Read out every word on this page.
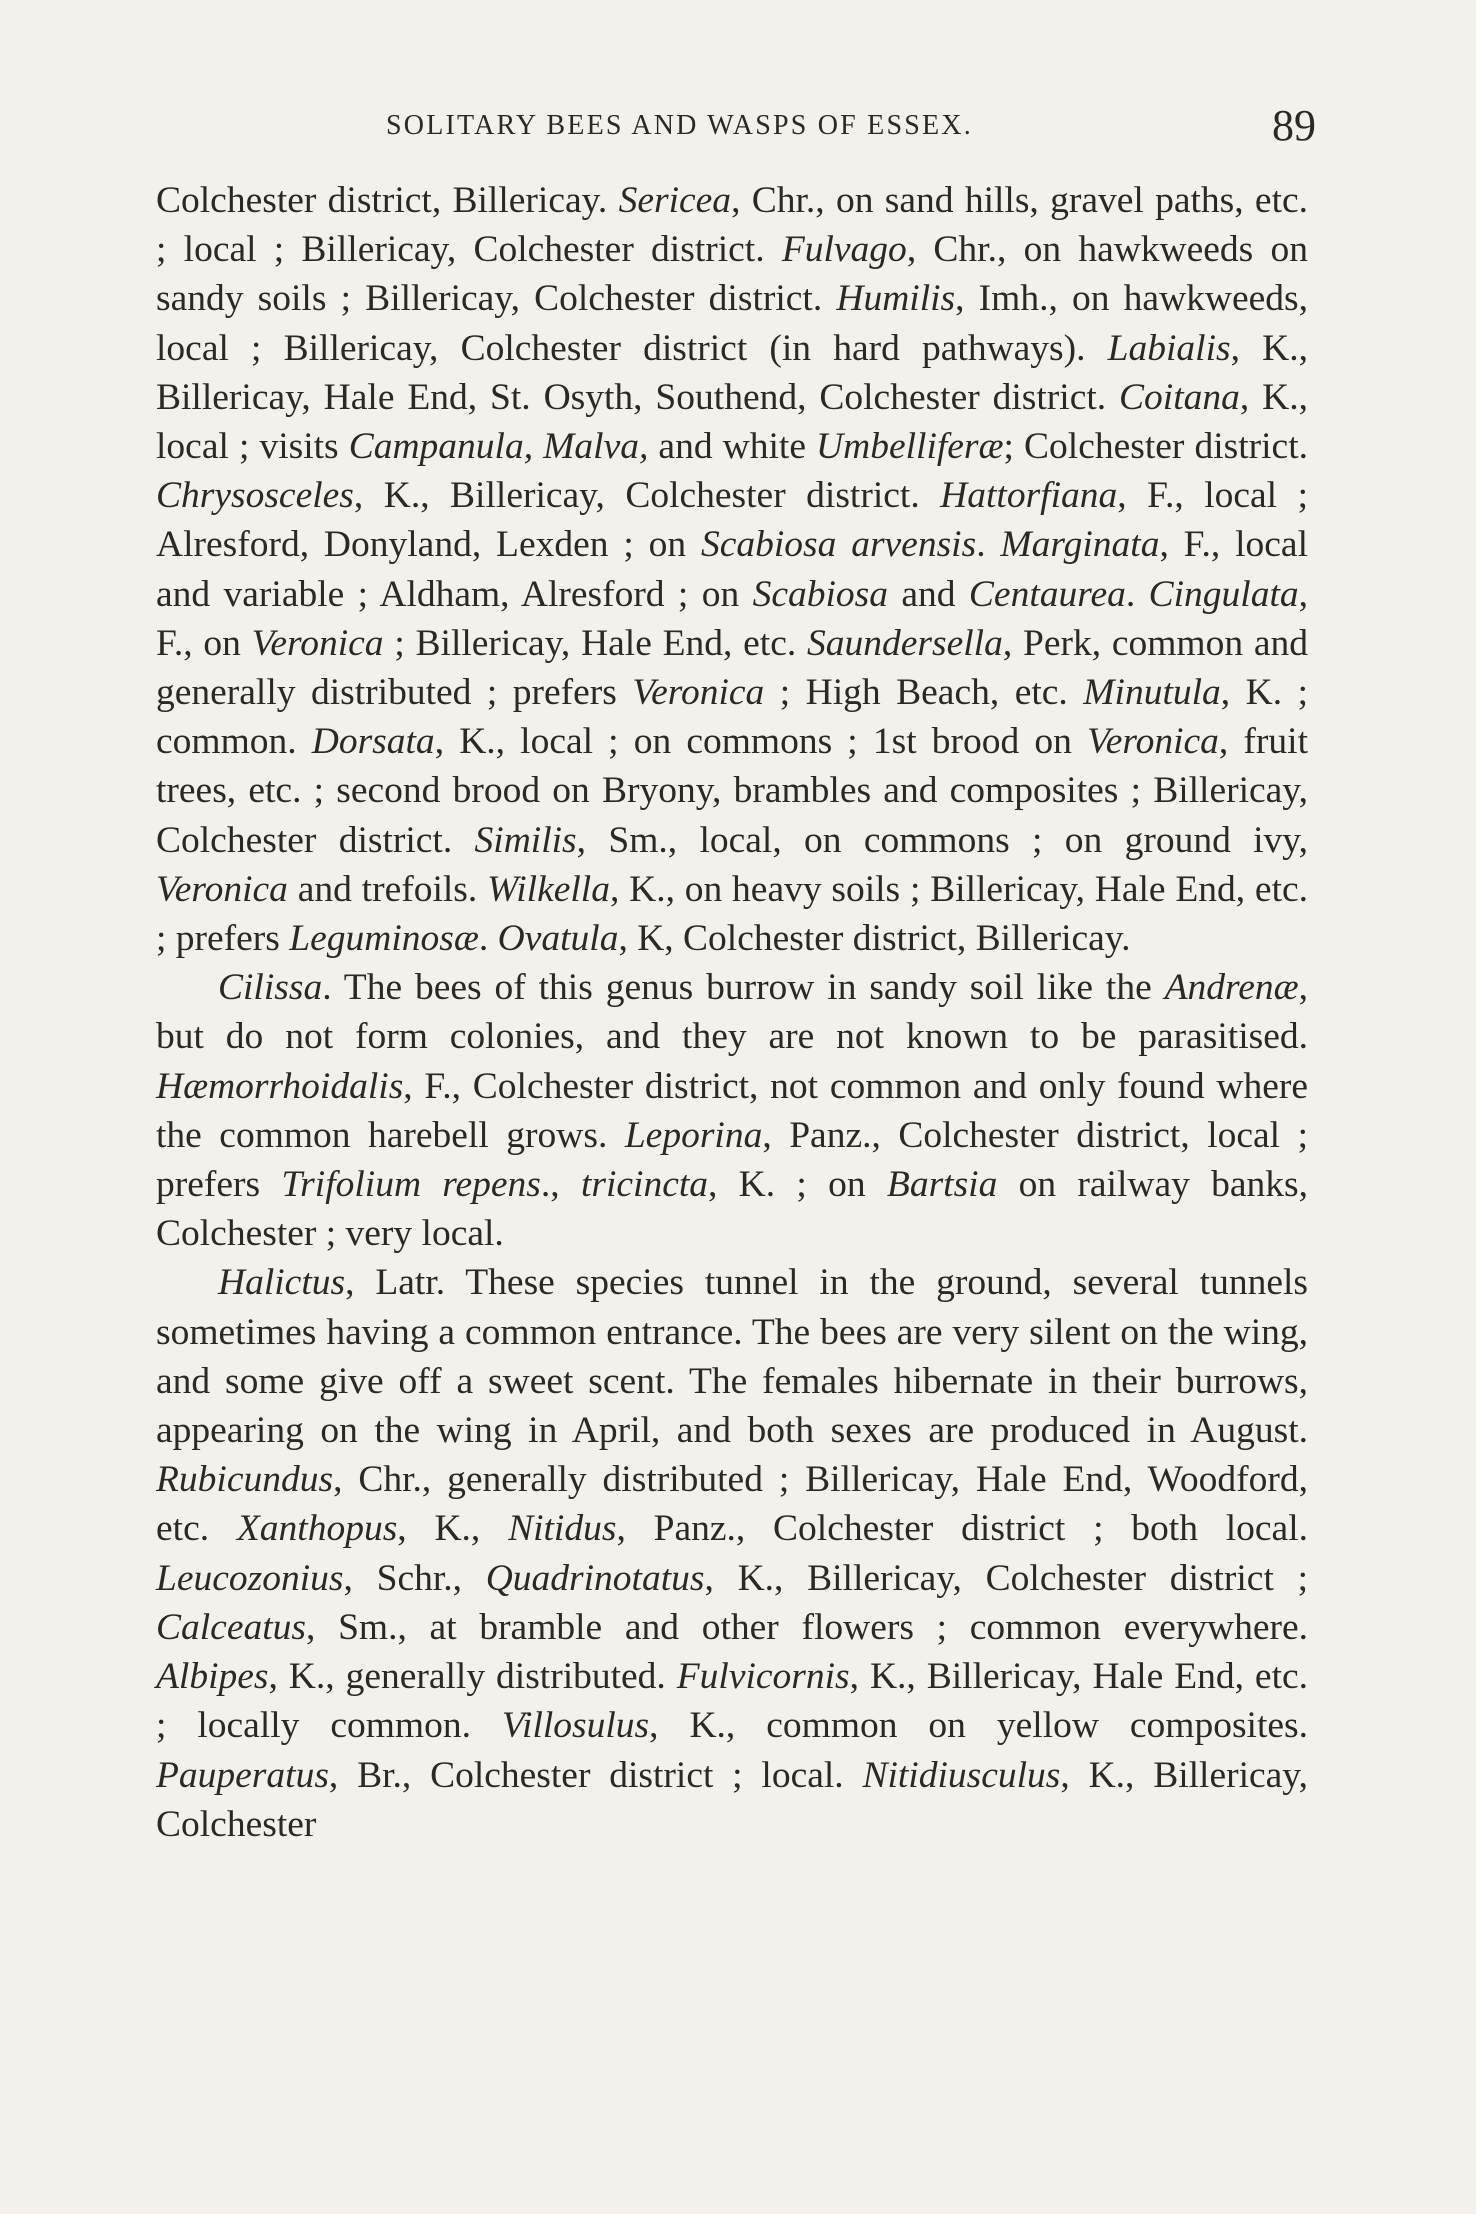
SOLITARY BEES AND WASPS OF ESSEX.	89

Colchester district, Billericay. Sericea, Chr., on sand hills, gravel paths, etc. ; local ; Billericay, Colchester district. Fulvago, Chr., on hawkweeds on sandy soils ; Billericay, Colchester district. Humilis, Imh., on hawkweeds, local ; Billericay, Colchester district (in hard pathways). Labialis, K., Billericay, Hale End, St. Osyth, Southend, Colchester district. Coitana, K., local ; visits Campanula, Malva, and white Umbelliferæ; Colchester district. Chrysosceles, K., Billericay, Colchester district. Hattorfiana, F., local ; Alresford, Donyland, Lexden ; on Scabiosa arvensis. Marginata, F., local and variable ; Aldham, Alresford ; on Scabiosa and Centaurea. Cingulata, F., on Veronica ; Billericay, Hale End, etc. Saundersella, Perk, common and generally distributed ; prefers Veronica ; High Beach, etc. Minutula, K. ; common. Dorsata, K., local ; on commons ; 1st brood on Veronica, fruit trees, etc. ; second brood on Bryony, brambles and composites ; Billericay, Colchester district. Similis, Sm., local, on commons ; on ground ivy, Veronica and trefoils. Wilkella, K., on heavy soils ; Billericay, Hale End, etc. ; prefers Leguminosæ. Ovatula, K, Colchester district, Billericay.

Cilissa. The bees of this genus burrow in sandy soil like the Andrenæ, but do not form colonies, and they are not known to be parasitised. Hæmorrhoidalis, F., Colchester district, not common and only found where the common harebell grows. Leporina, Panz., Colchester district, local ; prefers Trifolium repens., tricincta, K. ; on Bartsia on railway banks, Colchester ; very local.

Halictus, Latr. These species tunnel in the ground, several tunnels sometimes having a common entrance. The bees are very silent on the wing, and some give off a sweet scent. The females hibernate in their burrows, appearing on the wing in April, and both sexes are produced in August. Rubicundus, Chr., generally distributed ; Billericay, Hale End, Woodford, etc. Xanthopus, K., Nitidus, Panz., Colchester district ; both local. Leucozonius, Schr., Quadrinotatus, K., Billericay, Colchester district ; Calceatus, Sm., at bramble and other flowers ; common everywhere. Albipes, K., generally distributed. Fulvicornis, K., Billericay, Hale End, etc. ; locally common. Villosulus, K., common on yellow composites. Pauperatus, Br., Colchester district ; local. Nitidiusculus, K., Billericay, Colchester
